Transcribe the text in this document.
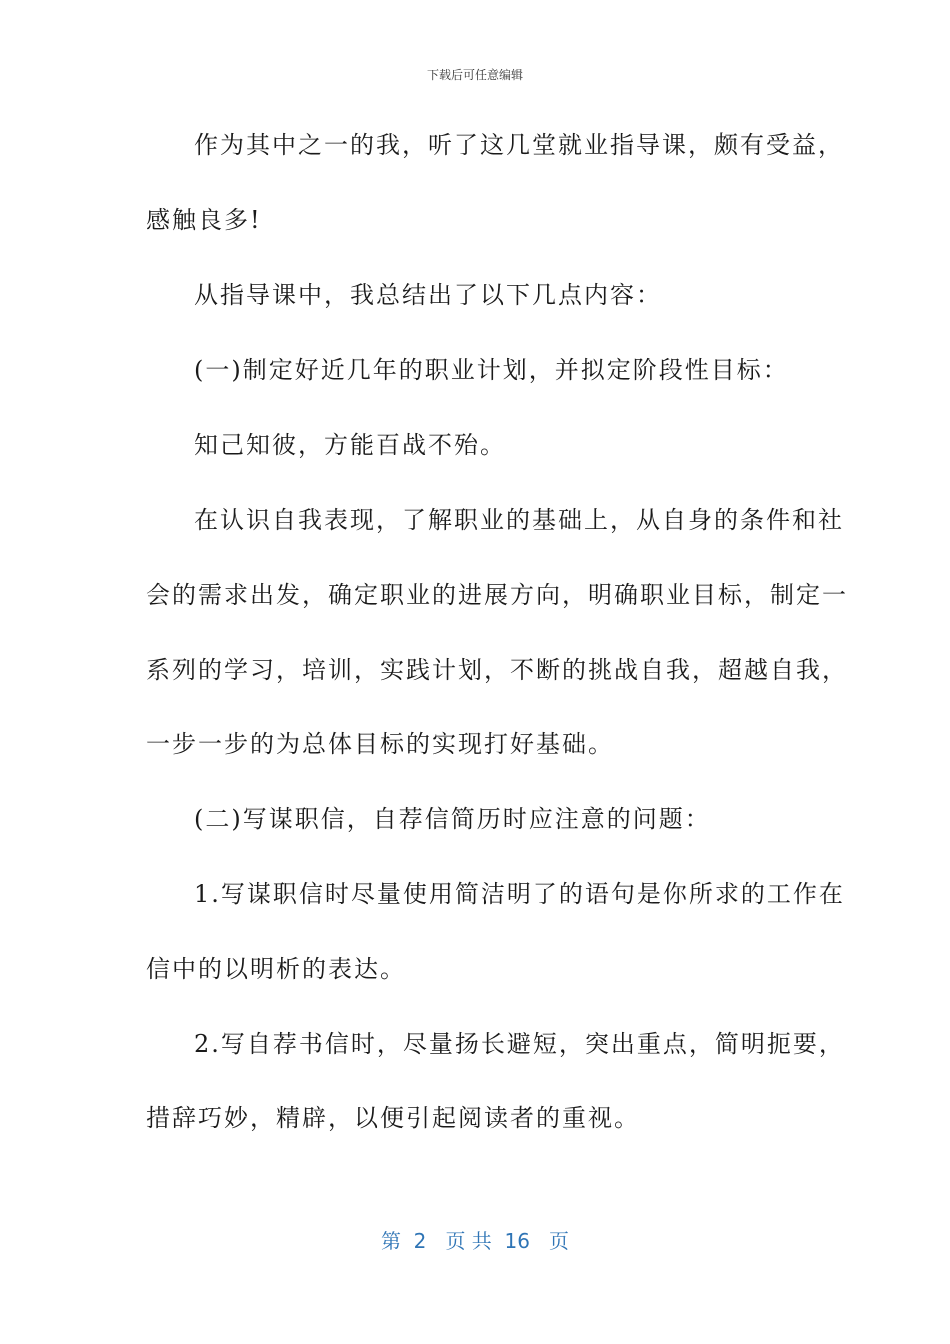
下载后可任意编辑
作为其中之一的我，听了这几堂就业指导课，颇有受益，
感触良多!
从指导课中，我总结出了以下几点内容：
(一)制定好近几年的职业计划，并拟定阶段性目标：
知己知彼，方能百战不殆。
在认识自我表现，了解职业的基础上，从自身的条件和社
会的需求出发，确定职业的进展方向，明确职业目标，制定一
系列的学习，培训，实践计划，不断的挑战自我，超越自我，
一步一步的为总体目标的实现打好基础。
(二)写谋职信，自荐信简历时应注意的问题：
1.写谋职信时尽量使用简洁明了的语句是你所求的工作在
信中的以明析的表达。
2.写自荐书信时，尽量扬长避短，突出重点，简明扼要，
措辞巧妙，精辟，以便引起阅读者的重视。
第  2   页 共  16   页
